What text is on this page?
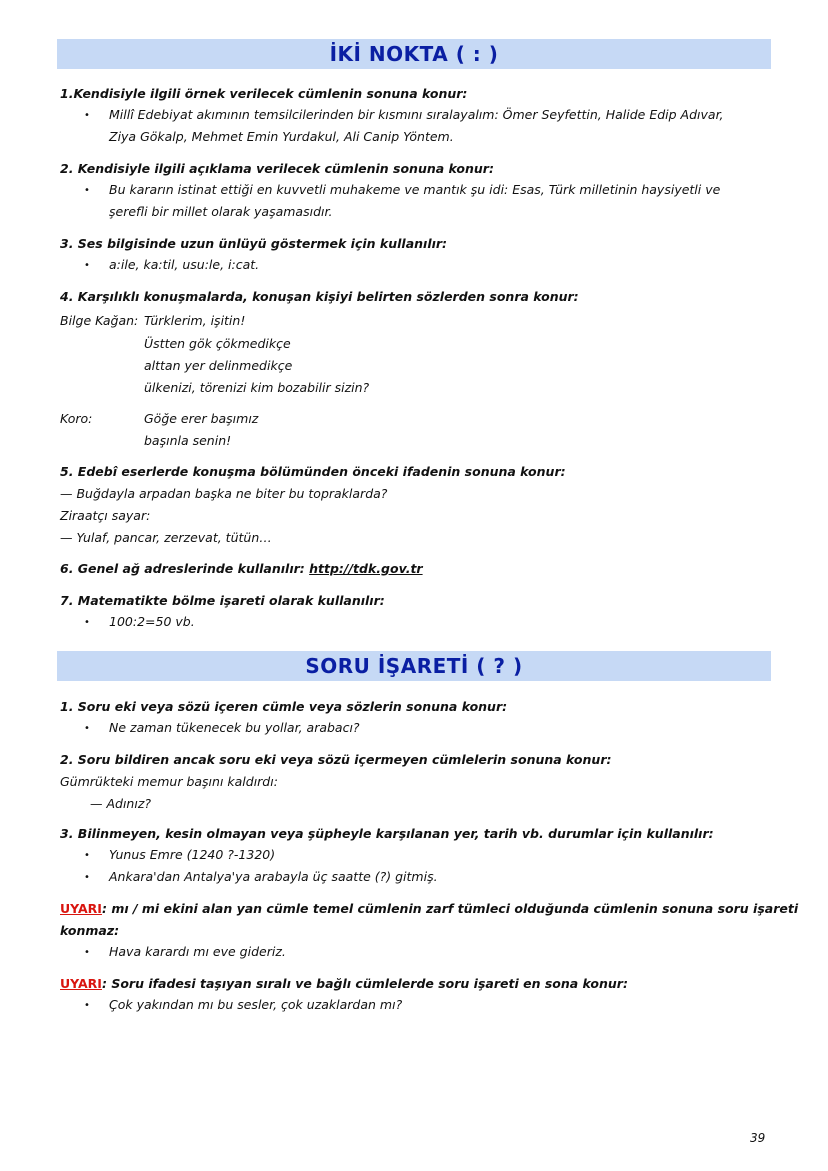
İKİ NOKTA ( : )
1.Kendisiyle ilgili örnek verilecek cümlenin sonuna konur:
• Millî Edebiyat akımının temsilcilerinden bir kısmını sıralayalım: Ömer Seyfettin, Halide Edip Adıvar,
Ziya Gökalp, Mehmet Emin Yurdakul, Ali Canip Yöntem.
2. Kendisiyle ilgili açıklama verilecek cümlenin sonuna konur:
• Bu kararın istinat ettiği en kuvvetli muhakeme ve mantık şu idi: Esas, Türk milletinin haysiyetli ve
şerefli bir millet olarak yaşamasıdır.
3. Ses bilgisinde uzun ünlüyü göstermek için kullanılır:
• a:ile, ka:til, usu:le, i:cat.
4. Karşılıklı konuşmalarda, konuşan kişiyi belirten sözlerden sonra konur:
Bilge Kağan: Türklerim, işitin!
Üstten gök çökmedikçe
alttan yer delinmedikçe
ülkenizi, törenizi kim bozabilir sizin?
Koro:	Göğe erer başımız
başınla senin!
5. Edebî eserlerde konuşma bölümünden önceki ifadenin sonuna konur:
— Buğdayla arpadan başka ne biter bu topraklarda?
Ziraatçı sayar:
— Yulaf, pancar, zerzevat, tütün…
6. Genel ağ adreslerinde kullanılır: http://tdk.gov.tr
7. Matematikte bölme işareti olarak kullanılır:
• 100:2=50 vb.
SORU İŞARETİ ( ? )
1. Soru eki veya sözü içeren cümle veya sözlerin sonuna konur:
• Ne zaman tükenecek bu yollar, arabacı?
2. Soru bildiren ancak soru eki veya sözü içermeyen cümlelerin sonuna konur:
Gümrükteki memur başını kaldırdı:
— Adınız?
3. Bilinmeyen, kesin olmayan veya şüpheyle karşılanan yer, tarih vb. durumlar için kullanılır:
• Yunus Emre (1240 ?-1320)
• Ankara'dan Antalya'ya arabayla üç saatte (?) gitmiş.
UYARI: mı / mi ekini alan yan cümle temel cümlenin zarf tümleci olduğunda cümlenin sonuna soru işareti
konmaz:
• Hava karardı mı eve gideriz.
UYARI: Soru ifadesi taşıyan sıralı ve bağlı cümlelerde soru işareti en sona konur:
• Çok yakından mı bu sesler, çok uzaklardan mı?
39
